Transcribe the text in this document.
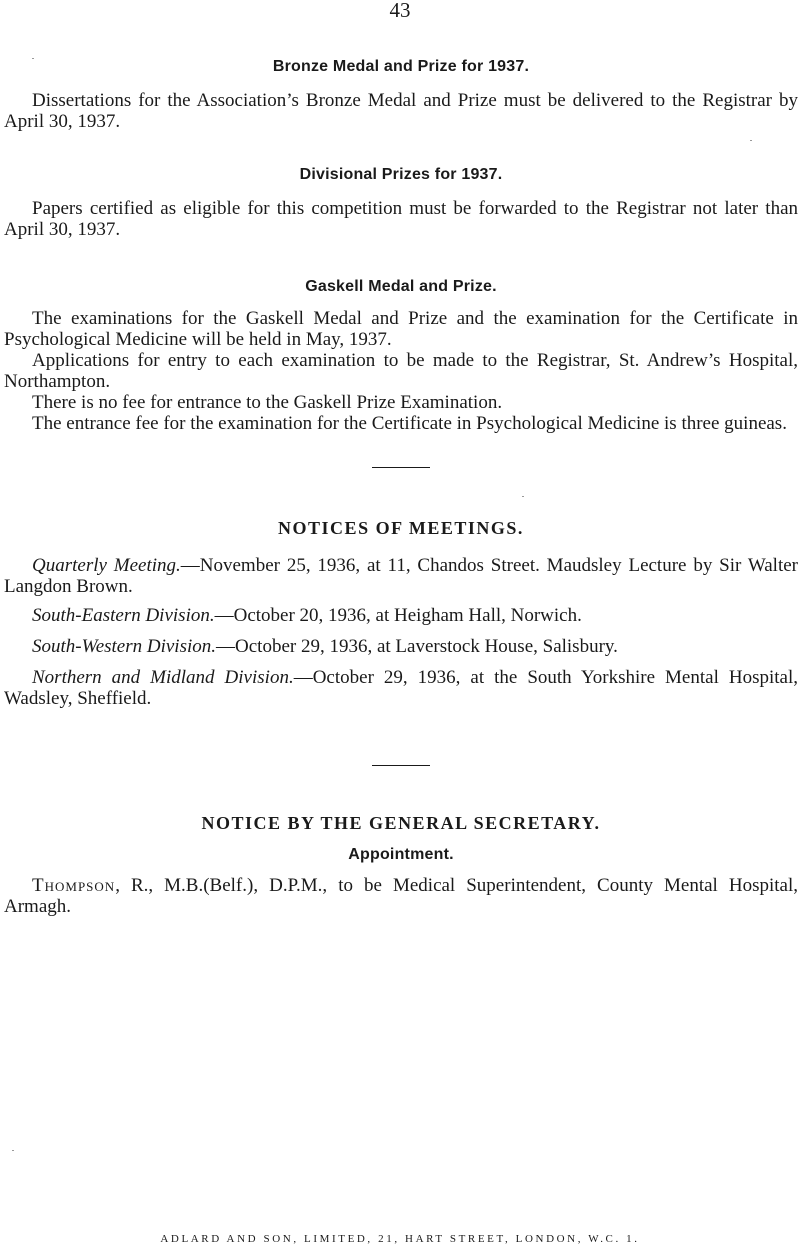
43
Bronze Medal and Prize for 1937.

Dissertations for the Association’s Bronze Medal and Prize must be delivered to the Registrar by April 30, 1937.

Divisional Prizes for 1937.

Papers certified as eligible for this competition must be forwarded to the Registrar not later than April 30, 1937.

Gaskell Medal and Prize.

The examinations for the Gaskell Medal and Prize and the examination for the Certificate in Psychological Medicine will be held in May, 1937.

Applications for entry to each examination to be made to the Registrar, St. Andrew’s Hospital, Northampton.

There is no fee for entrance to the Gaskell Prize Examination.

The entrance fee for the examination for the Certificate in Psychological Medicine is three guineas.

NOTICES OF MEETINGS.

Quarterly Meeting.—November 25, 1936, at 11, Chandos Street. Maudsley Lecture by Sir Walter Langdon Brown.

South-Eastern Division.—October 20, 1936, at Heigham Hall, Norwich.

South-Western Division.—October 29, 1936, at Laverstock House, Salisbury.

Northern and Midland Division.—October 29, 1936, at the South Yorkshire Mental Hospital, Wadsley, Sheffield.

NOTICE BY THE GENERAL SECRETARY.
Appointment.

Thompson, R., M.B.(Belf.), D.P.M., to be Medical Superintendent, County Mental Hospital, Armagh.

ADLARD AND SON, LIMITED, 21, HART STREET, LONDON, W.C. 1.
